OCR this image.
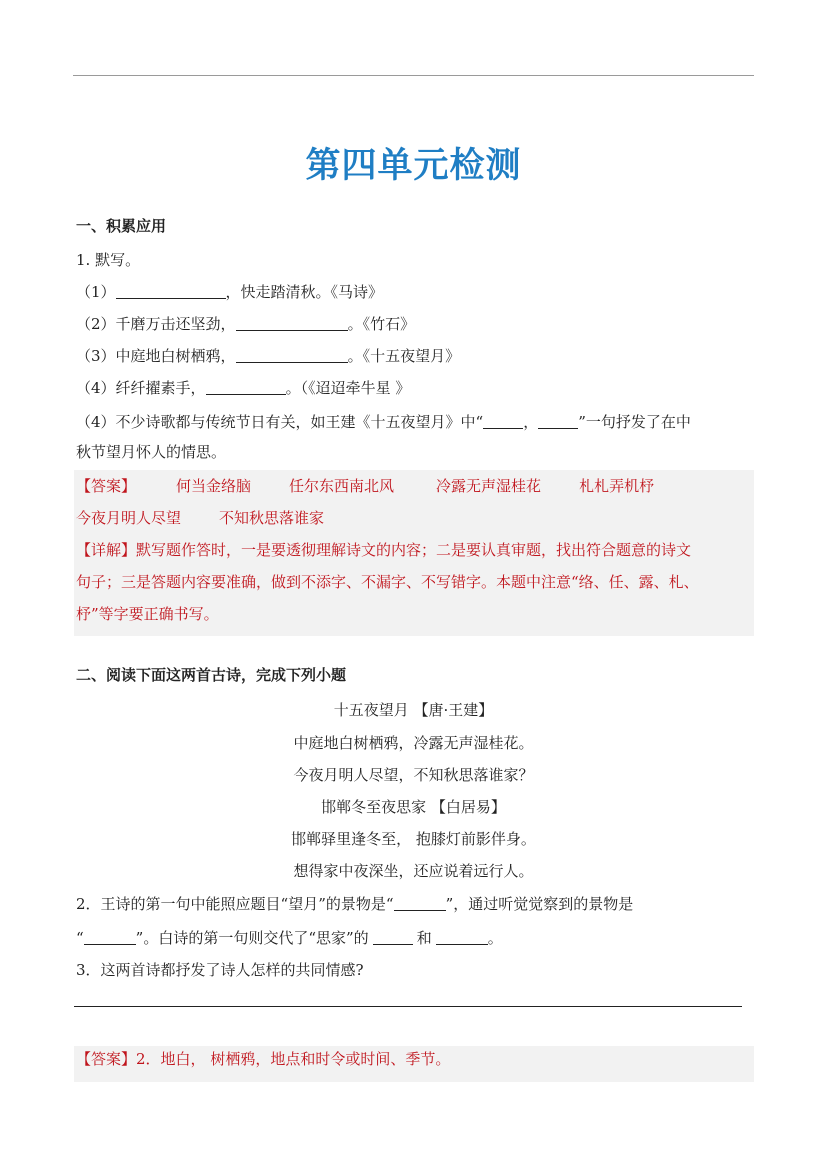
第四单元检测
一、积累应用
1. 默写。
（1）	，快走踏清秋。《马诗》
（2）千磨万击还坚劲，	。《竹石》
（3）中庭地白树栖鸦，	。《十五夜望月》
（4）纤纤擢素手，	。（《迢迢牵牛星 》
（4）不少诗歌都与传统节日有关，如王建《十五夜望月》中“	，	”一句抒发了在中
秋节望月怀人的情思。
【答案】	何当金络脑	任尔东西南北风	冷露无声湿桂花	札札弄机杼
今夜月明人尽望	不知秋思落谁家
【详解】默写题作答时，一是要透彻理解诗文的内容；二是要认真审题，找出符合题意的诗文
句子；三是答题内容要准确，做到不添字、不漏字、不写错字。本题中注意“络、任、露、札、
杼”等字要正确书写。
二、阅读下面这两首古诗，完成下列小题
十五夜望月 【唐·王建】
中庭地白树栖鸦，冷露无声湿桂花。
今夜月明人尽望，不知秋思落谁家？
邯郸冬至夜思家 【白居易】
邯郸驿里逢冬至， 抱膝灯前影伴身。
想得家中夜深坐，还应说着远行人。
2．王诗的第一句中能照应题目“望月”的景物是“	”，通过听觉觉察到的景物是
“	”。白诗的第一句则交代了“思家”的	和	。
3．这两首诗都抒发了诗人怎样的共同情感?
【答案】2．地白， 树栖鸦，地点和时令或时间、季节。
